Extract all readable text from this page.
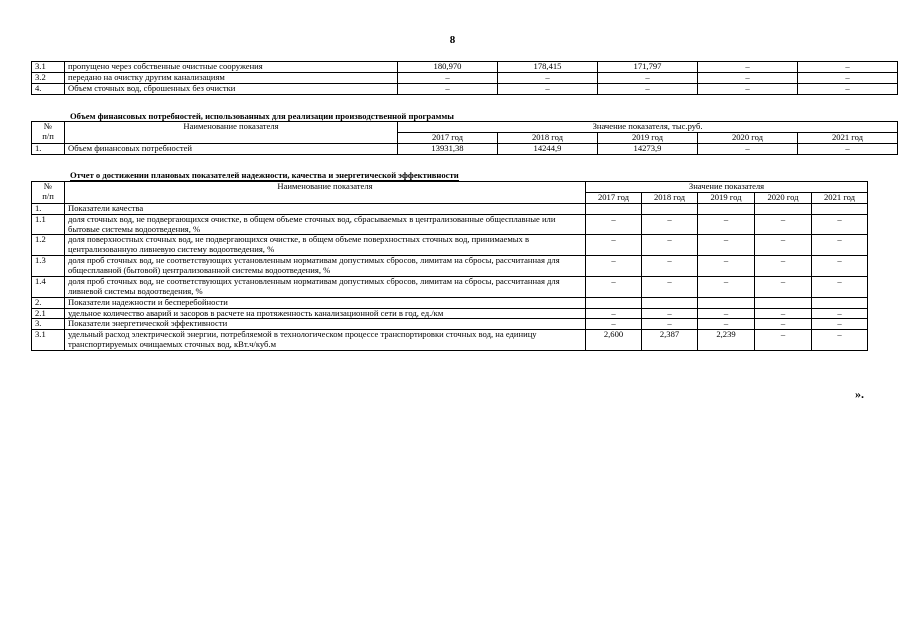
8
3.1	пропущено через собственные очистные сооружения	180,970	178,415	171,797	–	–
3.2	передано на очистку другим канализациям	–	–	–	–	–
4.	Объем сточных вод, сброшенных без очистки	–	–	–	–	–
Объем финансовых потребностей, использованных для реализации производственной программы
№
п/п	Наименование показателя	Значение показателя, тыс.руб.				
		2017 год	2018 год	2019 год	2020 год	2021 год
1.	Объем финансовых потребностей	13931,38	14244,9	14273,9	–	–
Отчет о достижении плановых показателей надежности, качества и энергетической эффективности
№
п/п	Наименование показателя	Значение показателя				
		2017 год	2018 год	2019 год	2020 год	2021 год
1.	Показатели качества					
1.1	доля сточных вод, не подвергающихся очистке, в общем объеме сточных вод, сбрасываемых в централизованные общесплавные или бытовые системы водоотведения, %	–	–	–	–	–
1.2	доля поверхностных сточных вод, не подвергающихся очистке, в общем объеме поверхностных сточных вод, принимаемых в централизованную ливневую систему водоотведения, %	–	–	–	–	–
1.3	доля проб сточных вод, не соответствующих установленным нормативам допустимых сбросов, лимитам на сбросы, рассчитанная для общесплавной (бытовой) централизованной системы водоотведения, %	–	–	–	–	–
1.4	доля проб сточных вод, не соответствующих установленным нормативам допустимых сбросов, лимитам на сбросы, рассчитанная для ливневой системы водоотведения, %	–	–	–	–	–
2.	Показатели надежности и бесперебойности					
2.1	удельное количество аварий и засоров в расчете на протяженность канализационной сети в год, ед./км	–	–	–	–	–
3.	Показатели энергетической эффективности	–	–	–	–	–
3.1	удельный расход электрической энергии, потребляемой в технологическом процессе транспортировки сточных вод, на единицу транспортируемых очищаемых сточных вод, кВт.ч/куб.м	2,600	2,387	2,239	–	–
».
